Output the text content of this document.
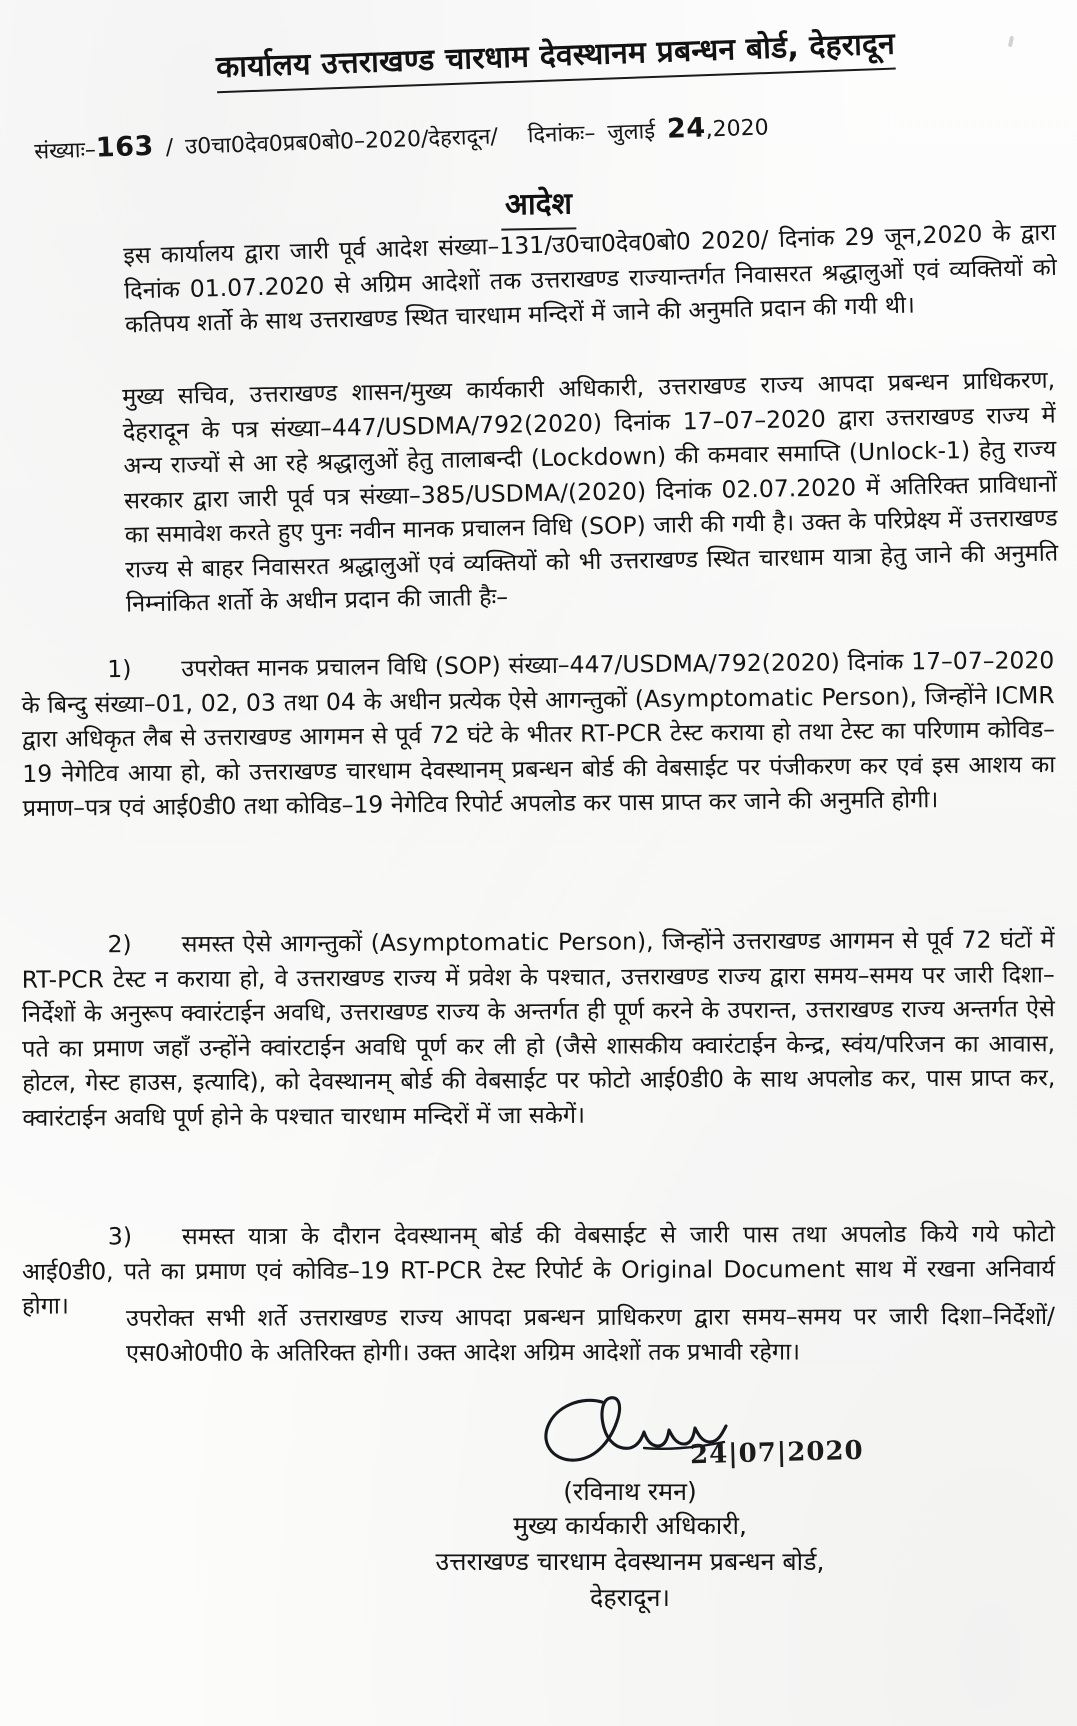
कार्यालय उत्तराखण्ड चारधाम देवस्थानम प्रबन्धन बोर्ड, देहरादून
संख्याः– 163 / उ0चा0देव0प्रब0बो0–2020 / देहरादून / दिनांकः– जुलाई 24 ,2020
आदेश

इस कार्यालय द्वारा जारी पूर्व आदेश संख्या–131/उ0चा0देव0बो0 2020/ दिनांक 29 जून,2020 के द्वारा दिनांक 01.07.2020 से अग्रिम आदेशों तक उत्तराखण्ड राज्यान्तर्गत निवासरत श्रद्धालुओं एवं व्यक्तियों को कतिपय शर्तो के साथ उत्तराखण्ड स्थित चारधाम मन्दिरों में जाने की अनुमति प्रदान की गयी थी।

मुख्य सचिव, उत्तराखण्ड शासन/मुख्य कार्यकारी अधिकारी, उत्तराखण्ड राज्य आपदा प्रबन्धन प्राधिकरण, देहरादून के पत्र संख्या–447/USDMA/792(2020) दिनांक 17–07–2020 द्वारा उत्तराखण्ड राज्य में अन्य राज्यों से आ रहे श्रद्धालुओं हेतु तालाबन्दी (Lockdown) की कमवार समाप्ति (Unlock-1) हेतु राज्य सरकार द्वारा जारी पूर्व पत्र संख्या–385/USDMA/(2020) दिनांक 02.07.2020 में अतिरिक्त प्राविधानों का समावेश करते हुए पुनः नवीन मानक प्रचालन विधि (SOP) जारी की गयी है। उक्त के परिप्रेक्ष्य में उत्तराखण्ड राज्य से बाहर निवासरत श्रद्धालुओं एवं व्यक्तियों को भी उत्तराखण्ड स्थित चारधाम यात्रा हेतु जाने की अनुमति निम्नांकित शर्तो के अधीन प्रदान की जाती हैः–

1) उपरोक्त मानक प्रचालन विधि (SOP) संख्या–447/USDMA/792(2020) दिनांक 17–07–2020 के बिन्दु संख्या–01, 02, 03 तथा 04 के अधीन प्रत्येक ऐसे आगन्तुकों (Asymptomatic Person), जिन्होंने ICMR द्वारा अधिकृत लैब से उत्तराखण्ड आगमन से पूर्व 72 घंटे के भीतर RT-PCR टेस्ट कराया हो तथा टेस्ट का परिणाम कोविड–19 नेगेटिव आया हो, को उत्तराखण्ड चारधाम देवस्थानम् प्रबन्धन बोर्ड की वेबसाईट पर पंजीकरण कर एवं इस आशय का प्रमाण–पत्र एवं आई0डी0 तथा कोविड–19 नेगेटिव रिपोर्ट अपलोड कर पास प्राप्त कर जाने की अनुमति होगी।

2) समस्त ऐसे आगन्तुकों (Asymptomatic Person), जिन्होंने उत्तराखण्ड आगमन से पूर्व 72 घंटों में RT-PCR टेस्ट न कराया हो, वे उत्तराखण्ड राज्य में प्रवेश के पश्चात, उत्तराखण्ड राज्य द्वारा समय–समय पर जारी दिशा–निर्देशों के अनुरूप क्वारंटाईन अवधि, उत्तराखण्ड राज्य के अन्तर्गत ही पूर्ण करने के उपरान्त, उत्तराखण्ड राज्य अन्तर्गत ऐसे पते का प्रमाण जहाँ उन्होंने क्वांरटाईन अवधि पूर्ण कर ली हो (जैसे शासकीय क्वारंटाईन केन्द्र, स्वंय/परिजन का आवास, होटल, गेस्ट हाउस, इत्यादि), को देवस्थानम् बोर्ड की वेबसाईट पर फोटो आई0डी0 के साथ अपलोड कर, पास प्राप्त कर, क्वारंटाईन अवधि पूर्ण होने के पश्चात चारधाम मन्दिरों में जा सकेगें।

3) समस्त यात्रा के दौरान देवस्थानम् बोर्ड की वेबसाईट से जारी पास तथा अपलोड किये गये फोटो आई0डी0, पते का प्रमाण एवं कोविड–19 RT-PCR टेस्ट रिपोर्ट के Original Document साथ में रखना अनिवार्य होगा।	उपरोक्त सभी शर्ते उत्तराखण्ड राज्य आपदा प्रबन्धन प्राधिकरण द्वारा समय–समय पर जारी दिशा–निर्देशों/एस0ओ0पी0 के अतिरिक्त होगी। उक्त आदेश अग्रिम आदेशों तक प्रभावी रहेगा।

24|07|2020
(रविनाथ रमन)
मुख्य कार्यकारी अधिकारी,
उत्तराखण्ड चारधाम देवस्थानम प्रबन्धन बोर्ड,
देहरादून।
